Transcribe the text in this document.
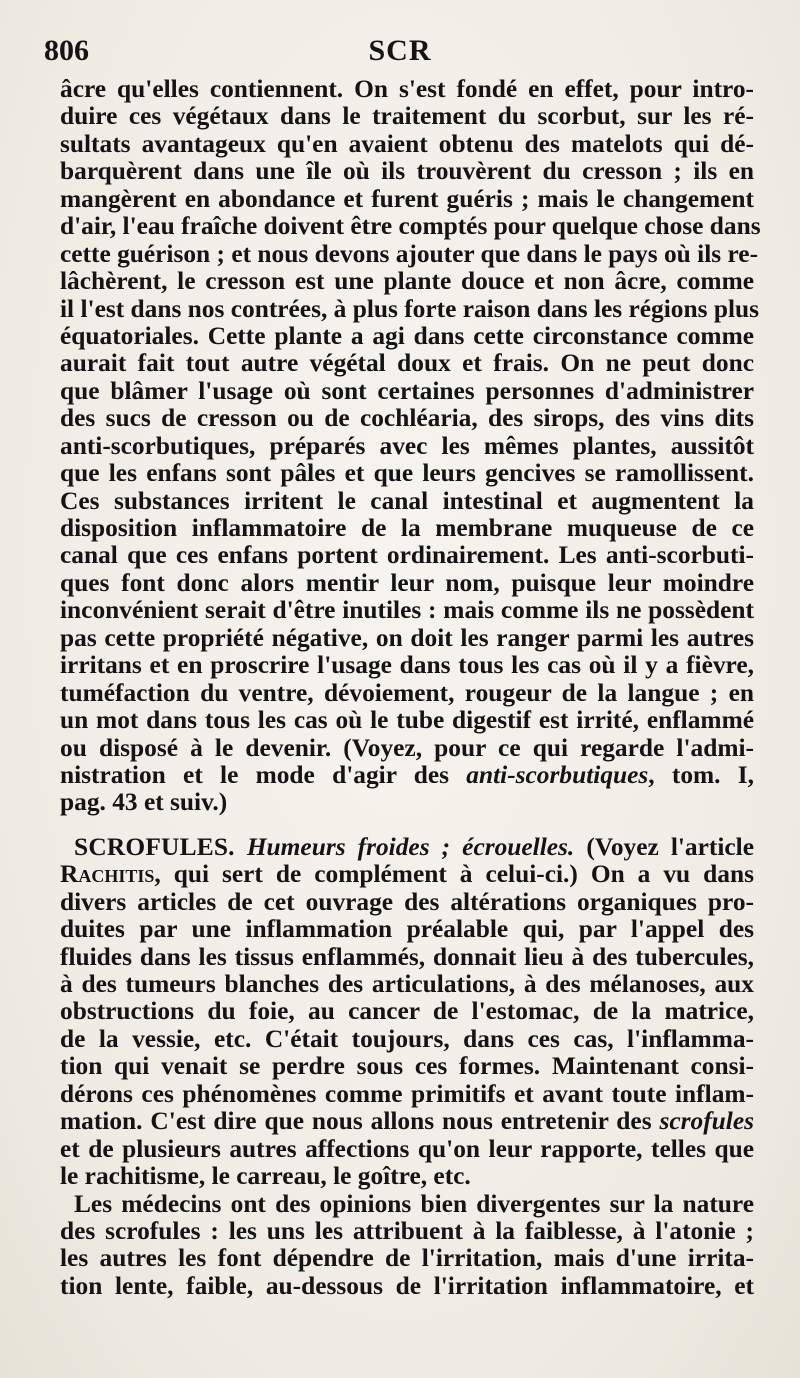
806	SCR
âcre qu'elles contiennent. On s'est fondé en effet, pour intro-
duire ces végétaux dans le traitement du scorbut, sur les ré-
sultats avantageux qu'en avaient obtenu des matelots qui dé-
barquèrent dans une île où ils trouvèrent du cresson ; ils en
mangèrent en abondance et furent guéris ; mais le changement
d'air, l'eau fraîche doivent être comptés pour quelque chose dans
cette guérison ; et nous devons ajouter que dans le pays où ils re-
lâchèrent, le cresson est une plante douce et non âcre, comme
il l'est dans nos contrées, à plus forte raison dans les régions plus
équatoriales. Cette plante a agi dans cette circonstance comme
aurait fait tout autre végétal doux et frais. On ne peut donc
que blâmer l'usage où sont certaines personnes d'administrer
des sucs de cresson ou de cochléaria, des sirops, des vins dits
anti-scorbutiques, préparés avec les mêmes plantes, aussitôt
que les enfans sont pâles et que leurs gencives se ramollissent.
Ces substances irritent le canal intestinal et augmentent la
disposition inflammatoire de la membrane muqueuse de ce
canal que ces enfans portent ordinairement. Les anti-scorbuti-
ques font donc alors mentir leur nom, puisque leur moindre
inconvénient serait d'être inutiles : mais comme ils ne possèdent
pas cette propriété négative, on doit les ranger parmi les autres
irritans et en proscrire l'usage dans tous les cas où il y a fièvre,
tuméfaction du ventre, dévoiement, rougeur de la langue ; en
un mot dans tous les cas où le tube digestif est irrité, enflammé
ou disposé à le devenir. (Voyez, pour ce qui regarde l'admi-
nistration et le mode d'agir des anti-scorbutiques, tom. I,
pag. 43 et suiv.)
SCROFULES. Humeurs froides ; écrouelles. (Voyez l'article
Rachitis, qui sert de complément à celui-ci.) On a vu dans
divers articles de cet ouvrage des altérations organiques pro-
duites par une inflammation préalable qui, par l'appel des
fluides dans les tissus enflammés, donnait lieu à des tubercules,
à des tumeurs blanches des articulations, à des mélanoses, aux
obstructions du foie, au cancer de l'estomac, de la matrice,
de la vessie, etc. C'était toujours, dans ces cas, l'inflamma-
tion qui venait se perdre sous ces formes. Maintenant consi-
dérons ces phénomènes comme primitifs et avant toute inflam-
mation. C'est dire que nous allons nous entretenir des scrofules
et de plusieurs autres affections qu'on leur rapporte, telles que
le rachitisme, le carreau, le goître, etc.
Les médecins ont des opinions bien divergentes sur la nature
des scrofules : les uns les attribuent à la faiblesse, à l'atonie ;
les autres les font dépendre de l'irritation, mais d'une irrita-
tion lente, faible, au-dessous de l'irritation inflammatoire, et
